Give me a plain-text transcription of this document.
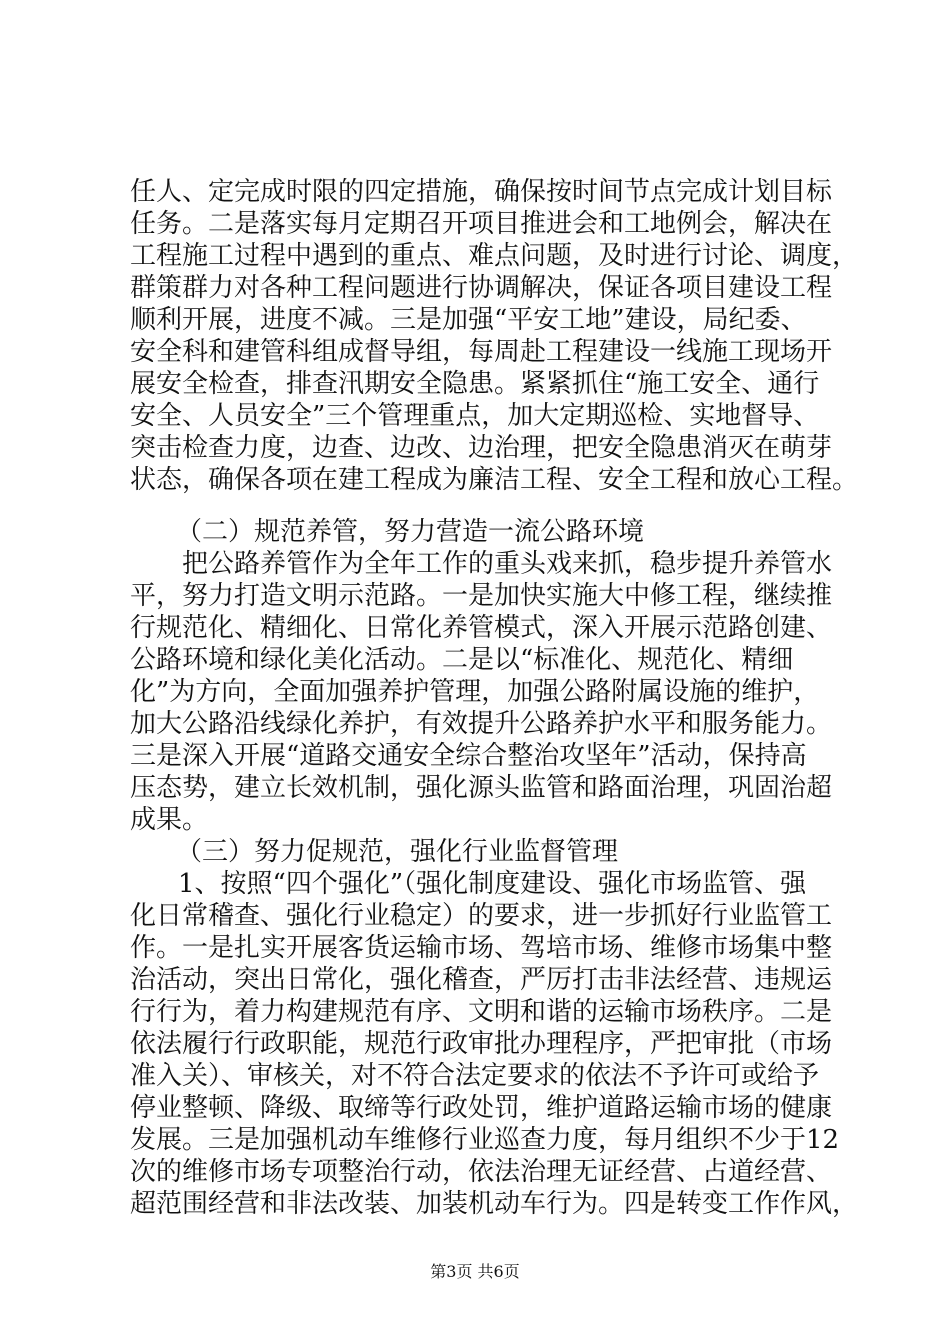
任人、定完成时限的四定措施，确保按时间节点完成计划目标
任务。二是落实每月定期召开项目推进会和工地例会，解决在
工程施工过程中遇到的重点、难点问题，及时进行讨论、调度，
群策群力对各种工程问题进行协调解决，保证各项目建设工程
顺利开展，进度不减。三是加强“平安工地”建设，局纪委、
安全科和建管科组成督导组，每周赴工程建设一线施工现场开
展安全检查，排查汛期安全隐患。紧紧抓住“施工安全、通行
安全、人员安全”三个管理重点，加大定期巡检、实地督导、
突击检查力度，边查、边改、边治理，把安全隐患消灭在萌芽
状态，确保各项在建工程成为廉洁工程、安全工程和放心工程。
（二）规范养管，努力营造一流公路环境
把公路养管作为全年工作的重头戏来抓，稳步提升养管水
平，努力打造文明示范路。一是加快实施大中修工程，继续推
行规范化、精细化、日常化养管模式，深入开展示范路创建、
公路环境和绿化美化活动。二是以“标准化、规范化、精细
化”为方向，全面加强养护管理，加强公路附属设施的维护，
加大公路沿线绿化养护，有效提升公路养护水平和服务能力。
三是深入开展“道路交通安全综合整治攻坚年”活动，保持高
压态势，建立长效机制，强化源头监管和路面治理，巩固治超
成果。
（三）努力促规范，强化行业监督管理
1、按照“四个强化”（强化制度建设、强化市场监管、强
化日常稽查、强化行业稳定）的要求，进一步抓好行业监管工
作。一是扎实开展客货运输市场、驾培市场、维修市场集中整
治活动，突出日常化，强化稽查，严厉打击非法经营、违规运
行行为，着力构建规范有序、文明和谐的运输市场秩序。二是
依法履行行政职能，规范行政审批办理程序，严把审批（市场
准入关）、审核关，对不符合法定要求的依法不予许可或给予
停业整顿、降级、取缔等行政处罚，维护道路运输市场的健康
发展。三是加强机动车维修行业巡查力度，每月组织不少于12
次的维修市场专项整治行动，依法治理无证经营、占道经营、
超范围经营和非法改装、加装机动车行为。四是转变工作作风，
第3页 共6页
